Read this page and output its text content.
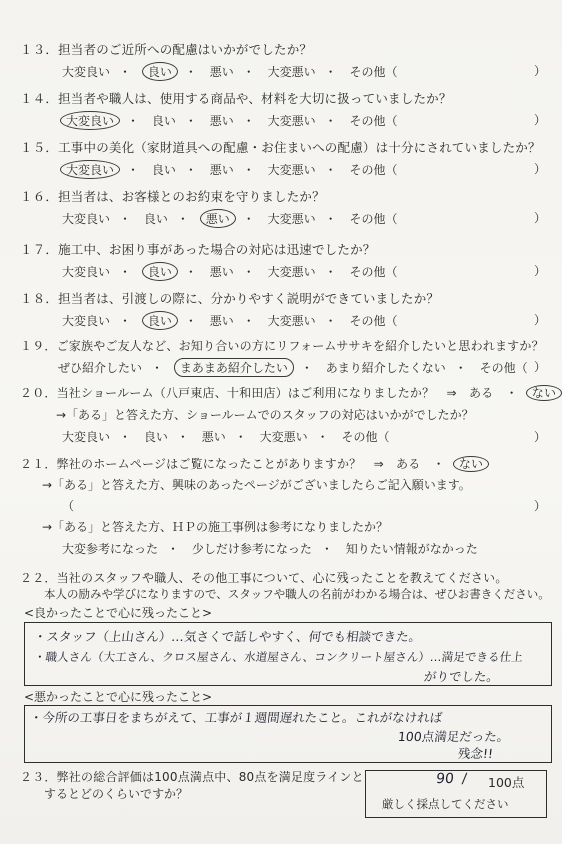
１３．担当者のご近所への配慮はいかがでしたか？
大変良い ・ 良い ・ 悪い ・ 大変悪い ・ その他（	）
１４．担当者や職人は、使用する商品や、材料を大切に扱っていましたか？
大変良い ・ 良い ・ 悪い ・ 大変悪い ・ その他（	）
１５．工事中の美化（家財道具への配慮・お住まいへの配慮）は十分にされていましたか？
大変良い ・ 良い ・ 悪い ・ 大変悪い ・ その他（	）
１６．担当者は、お客様とのお約束を守りましたか？
大変良い ・ 良い ・ 悪い ・ 大変悪い ・ その他（	）
１７．施工中、お困り事があった場合の対応は迅速でしたか？
大変良い ・ 良い ・ 悪い ・ 大変悪い ・ その他（	）
１８．担当者は、引渡しの際に、分かりやすく説明ができていましたか？
大変良い ・ 良い ・ 悪い ・ 大変悪い ・ その他（	）
１９．ご家族やご友人など、お知り合いの方にリフォームササキを紹介したいと思われますか？
ぜひ紹介したい ・ まあまあ紹介したい ・ あまり紹介したくない ・ その他（ ）
２０．当社ショールーム（八戸東店、十和田店）はご利用になりましたか？　⇒　ある　・ ない
→「ある」と答えた方、ショールームでのスタッフの対応はいかがでしたか？
大変良い ・ 良い ・ 悪い ・ 大変悪い ・ その他（	）
２１．弊社のホームページはご覧になったことがありますか？　⇒　ある　・ ない
→「ある」と答えた方、興味のあったページがございましたらご記入願います。
（	）
→「ある」と答えた方、ＨＰの施工事例は参考になりましたか？
大変参考になった ・ 少しだけ参考になった ・ 知りたい情報がなかった
２２．当社のスタッフや職人、その他工事について、心に残ったことを教えてください。
本人の励みや学びになりますので、スタッフや職人の名前がわかる場合は、ぜひお書きください。
<良かったことで心に残ったこと>
・スタッフ（上山さん）…気さくで話しやすく、何でも相談できた。
・職人さん（大工さん、クロス屋さん、水道屋さん、コンクリート屋さん）…満足できる仕上
がりでした。
<悪かったことで心に残ったこと>
・今所の工事日をまちがえて、工事が１週間遅れたこと。これがなければ
100点満足だった。
残念!!
２３．弊社の総合評価は100点満点中、80点を満足度ラインと
するとどのくらいですか？
90 / 100点
厳しく採点してください
